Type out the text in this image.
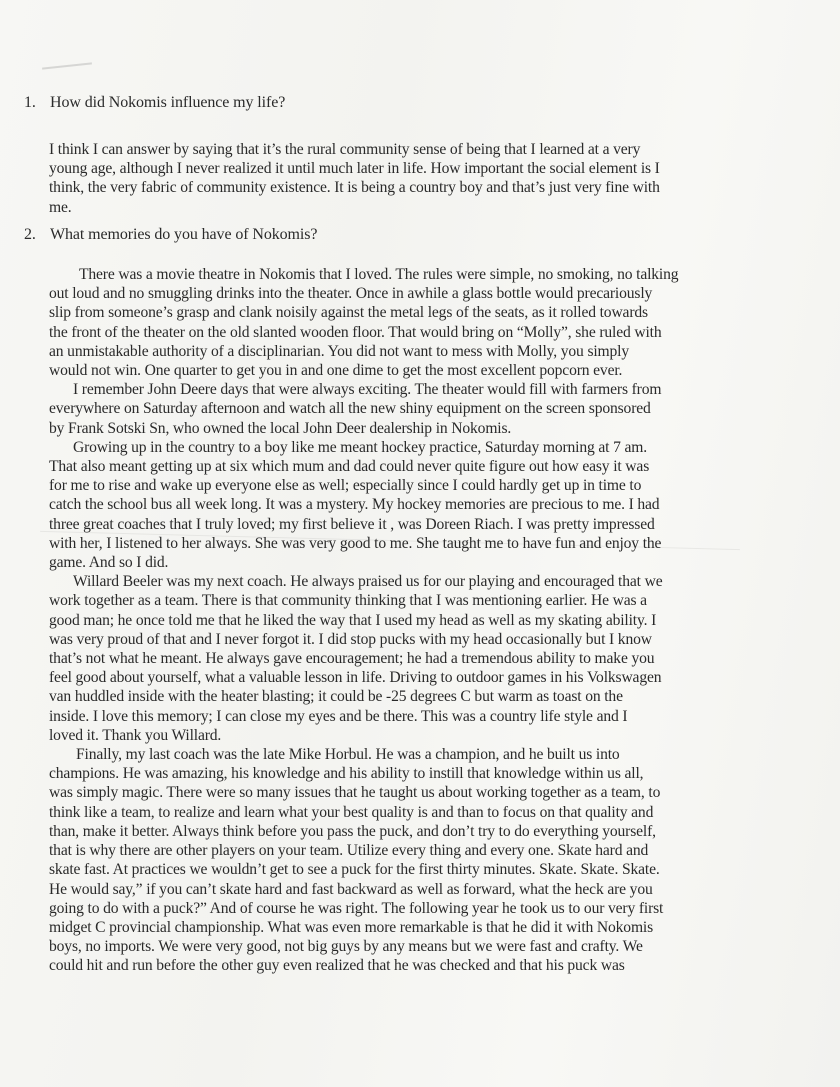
1. How did Nokomis influence my life?
I think I can answer by saying that it’s the rural community sense of being that I learned at a very
young age, although I never realized it until much later in life. How important the social element is I
think, the very fabric of community existence. It is being a country boy and that’s just very fine with
me.
2. What memories do you have of Nokomis?
There was a movie theatre in Nokomis that I loved. The rules were simple, no smoking, no talking
out loud and no smuggling drinks into the theater. Once in awhile a glass bottle would precariously
slip from someone’s grasp and clank noisily against the metal legs of the seats, as it rolled towards
the front of the theater on the old slanted wooden floor. That would bring on “Molly”, she ruled with
an unmistakable authority of a disciplinarian. You did not want to mess with Molly, you simply
would not win. One quarter to get you in and one dime to get the most excellent popcorn ever.
I remember John Deere days that were always exciting. The theater would fill with farmers from
everywhere on Saturday afternoon and watch all the new shiny equipment on the screen sponsored
by Frank Sotski Sn, who owned the local John Deer dealership in Nokomis.
Growing up in the country to a boy like me meant hockey practice, Saturday morning at 7 am.
That also meant getting up at six which mum and dad could never quite figure out how easy it was
for me to rise and wake up everyone else as well; especially since I could hardly get up in time to
catch the school bus all week long. It was a mystery. My hockey memories are precious to me. I had
three great coaches that I truly loved; my first believe it , was Doreen Riach. I was pretty impressed
with her, I listened to her always. She was very good to me. She taught me to have fun and enjoy the
game. And so I did.
Willard Beeler was my next coach. He always praised us for our playing and encouraged that we
work together as a team. There is that community thinking that I was mentioning earlier. He was a
good man; he once told me that he liked the way that I used my head as well as my skating ability. I
was very proud of that and I never forgot it. I did stop pucks with my head occasionally but I know
that’s not what he meant. He always gave encouragement; he had a tremendous ability to make you
feel good about yourself, what a valuable lesson in life. Driving to outdoor games in his Volkswagen
van huddled inside with the heater blasting; it could be -25 degrees C but warm as toast on the
inside. I love this memory; I can close my eyes and be there. This was a country life style and I
loved it. Thank you Willard.
Finally, my last coach was the late Mike Horbul. He was a champion, and he built us into
champions. He was amazing, his knowledge and his ability to instill that knowledge within us all,
was simply magic. There were so many issues that he taught us about working together as a team, to
think like a team, to realize and learn what your best quality is and than to focus on that quality and
than, make it better. Always think before you pass the puck, and don’t try to do everything yourself,
that is why there are other players on your team. Utilize every thing and every one. Skate hard and
skate fast. At practices we wouldn’t get to see a puck for the first thirty minutes. Skate. Skate. Skate.
He would say,” if you can’t skate hard and fast backward as well as forward, what the heck are you
going to do with a puck?” And of course he was right. The following year he took us to our very first
midget C provincial championship. What was even more remarkable is that he did it with Nokomis
boys, no imports. We were very good, not big guys by any means but we were fast and crafty. We
could hit and run before the other guy even realized that he was checked and that his puck was
